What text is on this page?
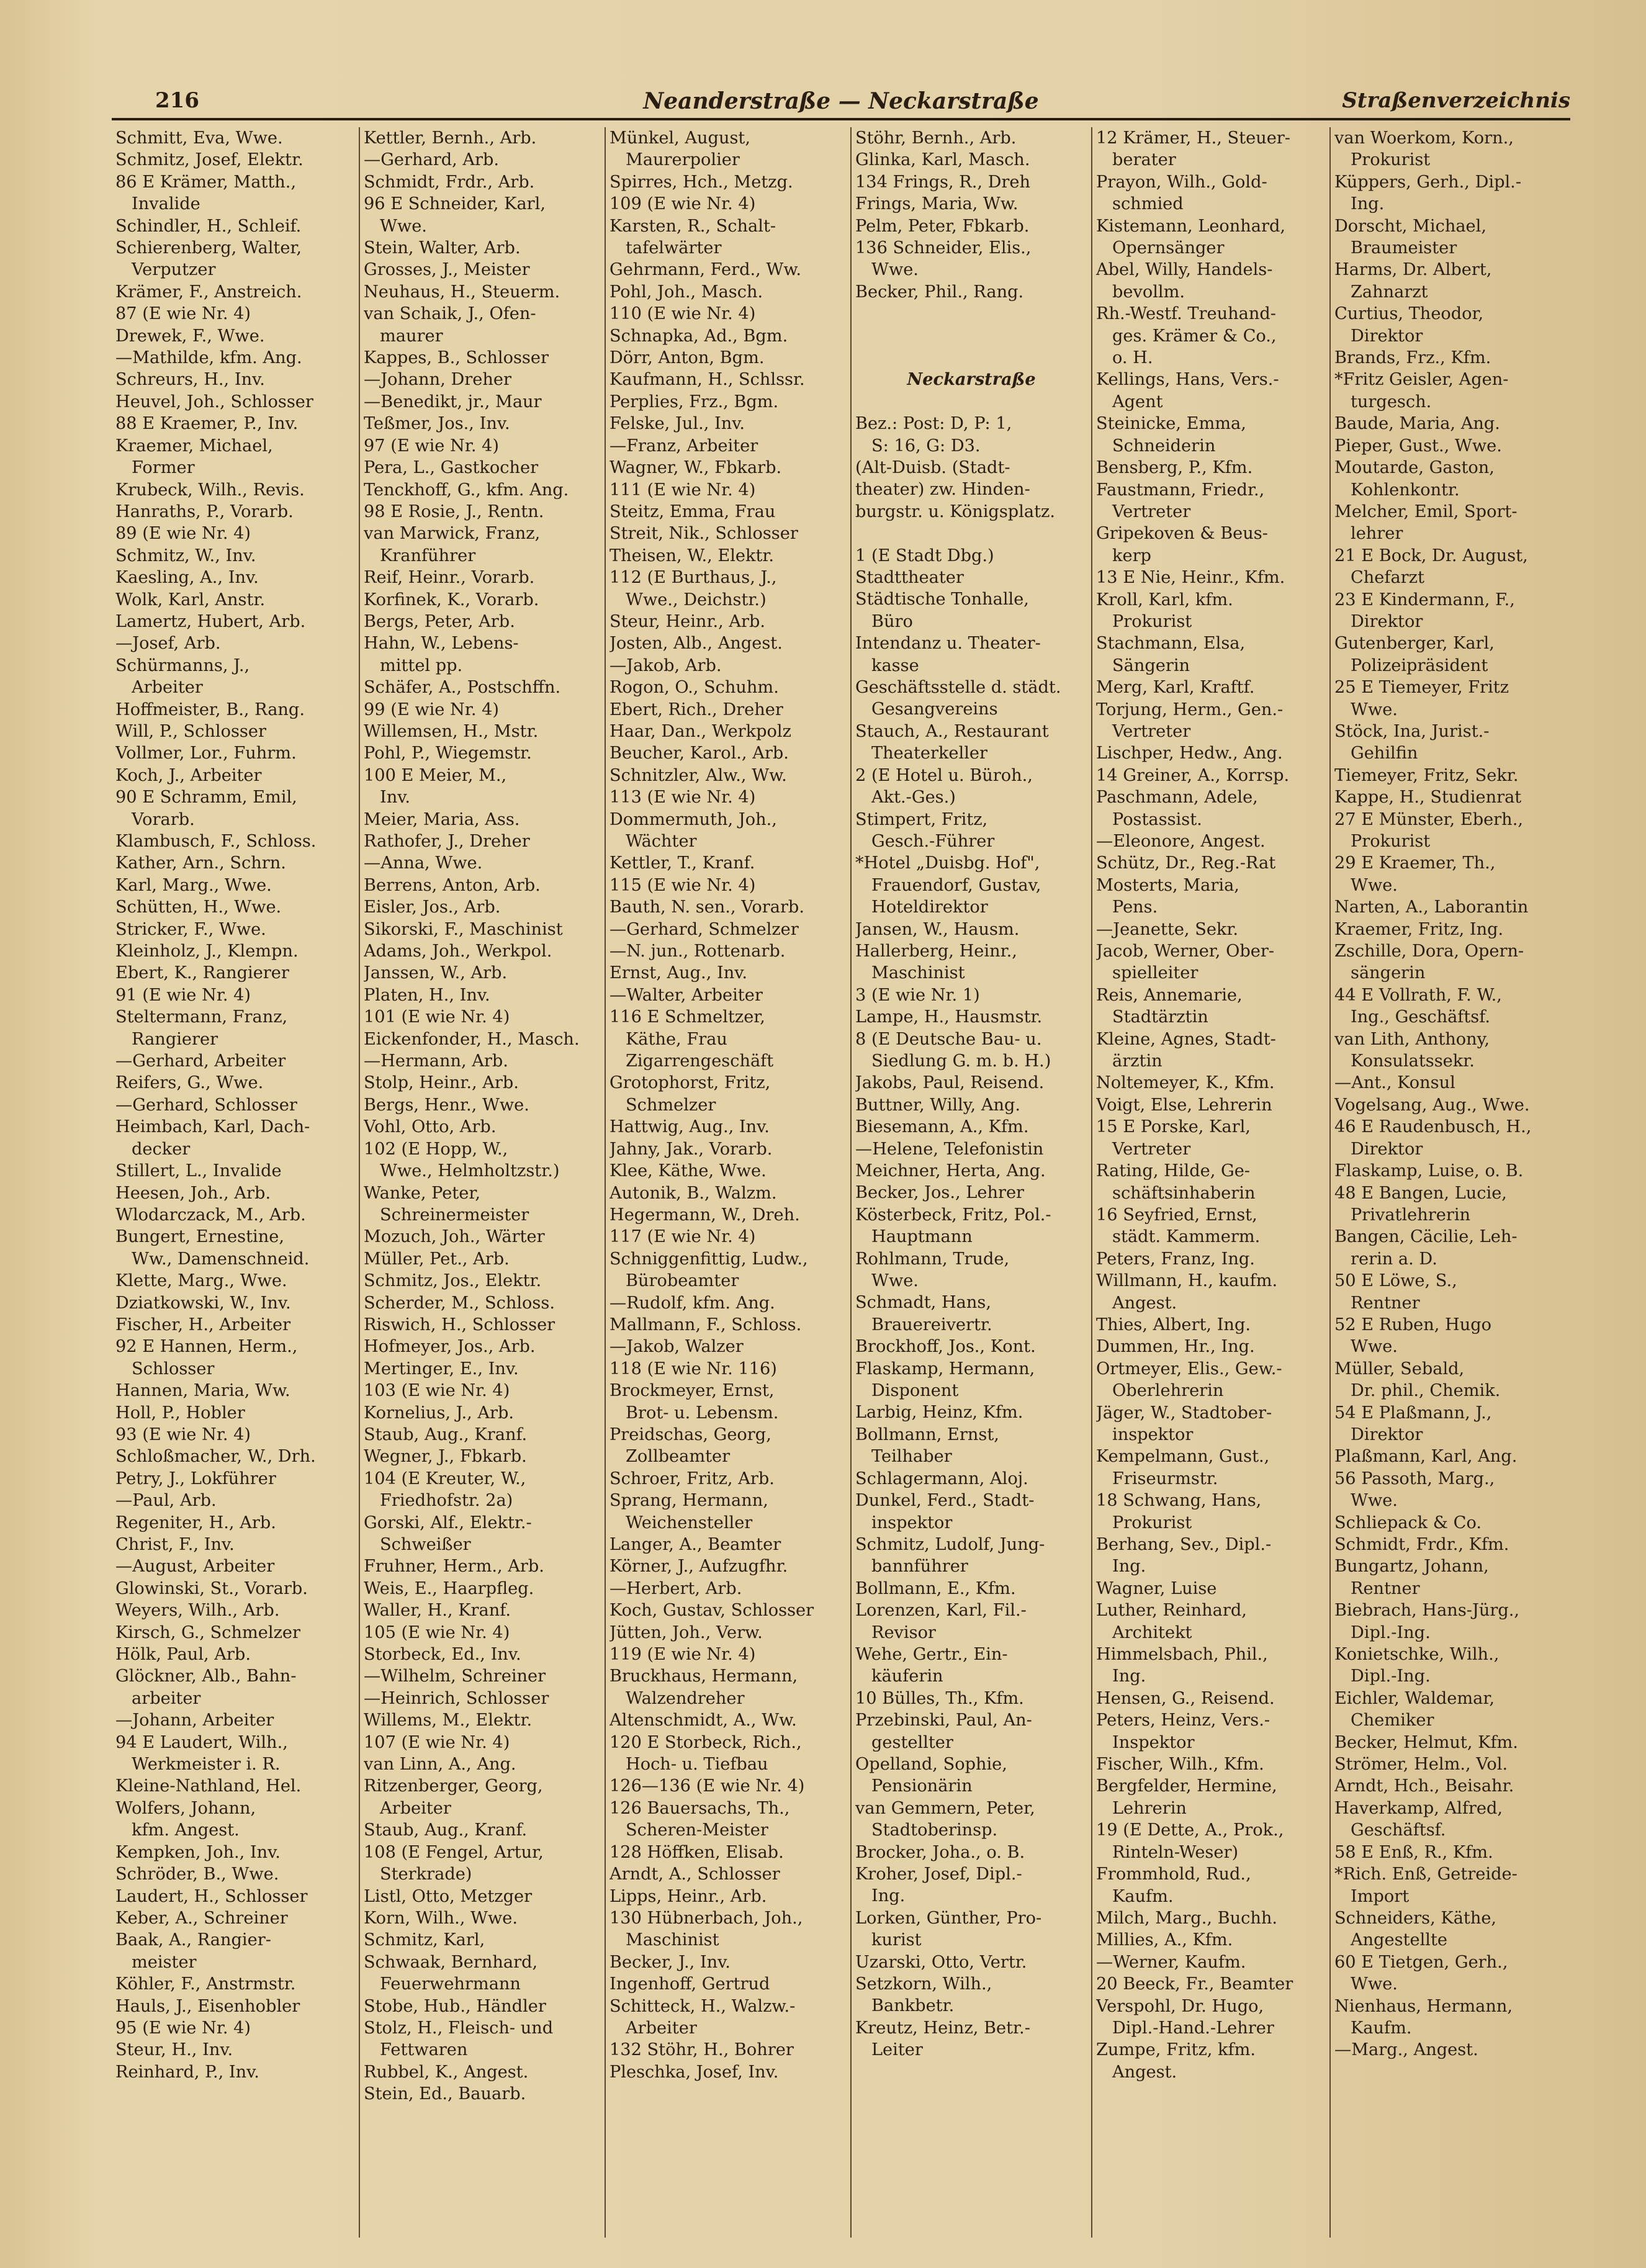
216	Neanderstraße — Neckarstraße	Straßenverzeichnis
Schmitt, Eva, Wwe.
Schmitz, Josef, Elektr.
86 E Krämer, Matth.,
Invalide
Schindler, H., Schleif.
Schierenberg, Walter,
Verputzer
Krämer, F., Anstreich.
87 (E wie Nr. 4)
Drewek, F., Wwe.
—Mathilde, kfm. Ang.
Schreurs, H., Inv.
Heuvel, Joh., Schlosser
88 E Kraemer, P., Inv.
Kraemer, Michael,
Former
Krubeck, Wilh., Revis.
Hanraths, P., Vorarb.
89 (E wie Nr. 4)
Schmitz, W., Inv.
Kaesling, A., Inv.
Wolk, Karl, Anstr.
Lamertz, Hubert, Arb.
—Josef, Arb.
Schürmanns, J.,
Arbeiter
Hoffmeister, B., Rang.
Will, P., Schlosser
Vollmer, Lor., Fuhrm.
Koch, J., Arbeiter
90 E Schramm, Emil,
Vorarb.
Klambusch, F., Schloss.
Kather, Arn., Schrn.
Karl, Marg., Wwe.
Schütten, H., Wwe.
Stricker, F., Wwe.
Kleinholz, J., Klempn.
Ebert, K., Rangierer
91 (E wie Nr. 4)
Steltermann, Franz,
Rangierer
—Gerhard, Arbeiter
Reifers, G., Wwe.
—Gerhard, Schlosser
Heimbach, Karl, Dach-
decker
Stillert, L., Invalide
Heesen, Joh., Arb.
Wlodarczack, M., Arb.
Bungert, Ernestine,
Ww., Damenschneid.
Klette, Marg., Wwe.
Dziatkowski, W., Inv.
Fischer, H., Arbeiter
92 E Hannen, Herm.,
Schlosser
Hannen, Maria, Ww.
Holl, P., Hobler
93 (E wie Nr. 4)
Schloßmacher, W., Drh.
Petry, J., Lokführer
—Paul, Arb.
Regeniter, H., Arb.
Christ, F., Inv.
—August, Arbeiter
Glowinski, St., Vorarb.
Weyers, Wilh., Arb.
Kirsch, G., Schmelzer
Hölk, Paul, Arb.
Glöckner, Alb., Bahn-
arbeiter
—Johann, Arbeiter
94 E Laudert, Wilh.,
Werkmeister i. R.
Kleine-Nathland, Hel.
Wolfers, Johann,
kfm. Angest.
Kempken, Joh., Inv.
Schröder, B., Wwe.
Laudert, H., Schlosser
Keber, A., Schreiner
Baak, A., Rangier-
meister
Köhler, F., Anstrmstr.
Hauls, J., Eisenhobler
95 (E wie Nr. 4)
Steur, H., Inv.
Reinhard, P., Inv.
Kettler, Bernh., Arb.
—Gerhard, Arb.
Schmidt, Frdr., Arb.
96 E Schneider, Karl,
Wwe.
Stein, Walter, Arb.
Grosses, J., Meister
Neuhaus, H., Steuerm.
van Schaik, J., Ofen-
maurer
Kappes, B., Schlosser
—Johann, Dreher
—Benedikt, jr., Maur
Teßmer, Jos., Inv.
97 (E wie Nr. 4)
Pera, L., Gastkocher
Tenckhoff, G., kfm. Ang.
98 E Rosie, J., Rentn.
van Marwick, Franz,
Kranführer
Reif, Heinr., Vorarb.
Korfinek, K., Vorarb.
Bergs, Peter, Arb.
Hahn, W., Lebens-
mittel pp.
Schäfer, A., Postschffn.
99 (E wie Nr. 4)
Willemsen, H., Mstr.
Pohl, P., Wiegemstr.
100 E Meier, M.,
Inv.
Meier, Maria, Ass.
Rathofer, J., Dreher
—Anna, Wwe.
Berrens, Anton, Arb.
Eisler, Jos., Arb.
Sikorski, F., Maschinist
Adams, Joh., Werkpol.
Janssen, W., Arb.
Platen, H., Inv.
101 (E wie Nr. 4)
Eickenfonder, H., Masch.
—Hermann, Arb.
Stolp, Heinr., Arb.
Bergs, Henr., Wwe.
Vohl, Otto, Arb.
102 (E Hopp, W.,
Wwe., Helmholtzstr.)
Wanke, Peter,
Schreinermeister
Mozuch, Joh., Wärter
Müller, Pet., Arb.
Schmitz, Jos., Elektr.
Scherder, M., Schloss.
Riswich, H., Schlosser
Hofmeyer, Jos., Arb.
Mertinger, E., Inv.
103 (E wie Nr. 4)
Kornelius, J., Arb.
Staub, Aug., Kranf.
Wegner, J., Fbkarb.
104 (E Kreuter, W.,
Friedhofstr. 2a)
Gorski, Alf., Elektr.-
Schweißer
Fruhner, Herm., Arb.
Weis, E., Haarpfleg.
Waller, H., Kranf.
105 (E wie Nr. 4)
Storbeck, Ed., Inv.
—Wilhelm, Schreiner
—Heinrich, Schlosser
Willems, M., Elektr.
107 (E wie Nr. 4)
van Linn, A., Ang.
Ritzenberger, Georg,
Arbeiter
Staub, Aug., Kranf.
108 (E Fengel, Artur,
Sterkrade)
Listl, Otto, Metzger
Korn, Wilh., Wwe.
Schmitz, Karl,
Schwaak, Bernhard,
Feuerwehrmann
Stobe, Hub., Händler
Stolz, H., Fleisch- und
Fettwaren
Rubbel, K., Angest.
Stein, Ed., Bauarb.
Münkel, August,
Maurerpolier
Spirres, Hch., Metzg.
109 (E wie Nr. 4)
Karsten, R., Schalt-
tafelwärter
Gehrmann, Ferd., Ww.
Pohl, Joh., Masch.
110 (E wie Nr. 4)
Schnapka, Ad., Bgm.
Dörr, Anton, Bgm.
Kaufmann, H., Schlssr.
Perplies, Frz., Bgm.
Felske, Jul., Inv.
—Franz, Arbeiter
Wagner, W., Fbkarb.
111 (E wie Nr. 4)
Steitz, Emma, Frau
Streit, Nik., Schlosser
Theisen, W., Elektr.
112 (E Burthaus, J.,
Wwe., Deichstr.)
Steur, Heinr., Arb.
Josten, Alb., Angest.
—Jakob, Arb.
Rogon, O., Schuhm.
Ebert, Rich., Dreher
Haar, Dan., Werkpolz
Beucher, Karol., Arb.
Schnitzler, Alw., Ww.
113 (E wie Nr. 4)
Dommermuth, Joh.,
Wächter
Kettler, T., Kranf.
115 (E wie Nr. 4)
Bauth, N. sen., Vorarb.
—Gerhard, Schmelzer
—N. jun., Rottenarb.
Ernst, Aug., Inv.
—Walter, Arbeiter
116 E Schmeltzer,
Käthe, Frau
Zigarrengeschäft
Grotophorst, Fritz,
Schmelzer
Hattwig, Aug., Inv.
Jahny, Jak., Vorarb.
Klee, Käthe, Wwe.
Autonik, B., Walzm.
Hegermann, W., Dreh.
117 (E wie Nr. 4)
Schniggenfittig, Ludw.,
Bürobeamter
—Rudolf, kfm. Ang.
Mallmann, F., Schloss.
—Jakob, Walzer
118 (E wie Nr. 116)
Brockmeyer, Ernst,
Brot- u. Lebensm.
Preidschas, Georg,
Zollbeamter
Schroer, Fritz, Arb.
Sprang, Hermann,
Weichensteller
Langer, A., Beamter
Körner, J., Aufzugfhr.
—Herbert, Arb.
Koch, Gustav, Schlosser
Jütten, Joh., Verw.
119 (E wie Nr. 4)
Bruckhaus, Hermann,
Walzendreher
Altenschmidt, A., Ww.
120 E Storbeck, Rich.,
Hoch- u. Tiefbau
126—136 (E wie Nr. 4)
126 Bauersachs, Th.,
Scheren-Meister
128 Höffken, Elisab.
Arndt, A., Schlosser
Lipps, Heinr., Arb.
130 Hübnerbach, Joh.,
Maschinist
Becker, J., Inv.
Ingenhoff, Gertrud
Schitteck, H., Walzw.-
Arbeiter
132 Stöhr, H., Bohrer
Pleschka, Josef, Inv.
Stöhr, Bernh., Arb.
Glinka, Karl, Masch.
134 Frings, R., Dreh
Frings, Maria, Ww.
Pelm, Peter, Fbkarb.
136 Schneider, Elis.,
Wwe.
Becker, Phil., Rang.
Neckarstraße
Bez.: Post: D, P: 1,
S: 16, G: D3.
(Alt-Duisb. (Stadt-
theater) zw. Hinden-
burgstr. u. Königsplatz.
1 (E Stadt Dbg.)
Stadttheater
Städtische Tonhalle,
Büro
Intendanz u. Theater-
kasse
Geschäftsstelle d. städt.
Gesangvereins
Stauch, A., Restaurant
Theaterkeller
2 (E Hotel u. Büroh.,
Akt.-Ges.)
Stimpert, Fritz,
Gesch.-Führer
*Hotel „Duisbg. Hof",
Frauendorf, Gustav,
Hoteldirektor
Jansen, W., Hausm.
Hallerberg, Heinr.,
Maschinist
3 (E wie Nr. 1)
Lampe, H., Hausmstr.
8 (E Deutsche Bau- u.
Siedlung G. m. b. H.)
Jakobs, Paul, Reisend.
Buttner, Willy, Ang.
Biesemann, A., Kfm.
—Helene, Telefonistin
Meichner, Herta, Ang.
Becker, Jos., Lehrer
Kösterbeck, Fritz, Pol.-
Hauptmann
Rohlmann, Trude,
Wwe.
Schmadt, Hans,
Brauereivertr.
Brockhoff, Jos., Kont.
Flaskamp, Hermann,
Disponent
Larbig, Heinz, Kfm.
Bollmann, Ernst,
Teilhaber
Schlagermann, Aloj.
Dunkel, Ferd., Stadt-
inspektor
Schmitz, Ludolf, Jung-
bannführer
Bollmann, E., Kfm.
Lorenzen, Karl, Fil.-
Revisor
Wehe, Gertr., Ein-
käuferin
10 Bülles, Th., Kfm.
Przebinski, Paul, An-
gestellter
Opelland, Sophie,
Pensionärin
van Gemmern, Peter,
Stadtoberinsp.
Brocker, Joha., o. B.
Kroher, Josef, Dipl.-
Ing.
Lorken, Günther, Pro-
kurist
Uzarski, Otto, Vertr.
Setzkorn, Wilh.,
Bankbetr.
Kreutz, Heinz, Betr.-
Leiter
12 Krämer, H., Steuer-
berater
Prayon, Wilh., Gold-
schmied
Kistemann, Leonhard,
Opernsänger
Abel, Willy, Handels-
bevollm.
Rh.-Westf. Treuhand-
ges. Krämer & Co.,
o. H.
Kellings, Hans, Vers.-
Agent
Steinicke, Emma,
Schneiderin
Bensberg, P., Kfm.
Faustmann, Friedr.,
Vertreter
Gripekoven & Beus-
kerp
13 E Nie, Heinr., Kfm.
Kroll, Karl, kfm.
Prokurist
Stachmann, Elsa,
Sängerin
Merg, Karl, Kraftf.
Torjung, Herm., Gen.-
Vertreter
Lischper, Hedw., Ang.
14 Greiner, A., Korrsp.
Paschmann, Adele,
Postassist.
—Eleonore, Angest.
Schütz, Dr., Reg.-Rat
Mosterts, Maria,
Pens.
—Jeanette, Sekr.
Jacob, Werner, Ober-
spielleiter
Reis, Annemarie,
Stadtärztin
Kleine, Agnes, Stadt-
ärztin
Noltemeyer, K., Kfm.
Voigt, Else, Lehrerin
15 E Porske, Karl,
Vertreter
Rating, Hilde, Ge-
schäftsinhaberin
16 Seyfried, Ernst,
städt. Kammerm.
Peters, Franz, Ing.
Willmann, H., kaufm.
Angest.
Thies, Albert, Ing.
Dummen, Hr., Ing.
Ortmeyer, Elis., Gew.-
Oberlehrerin
Jäger, W., Stadtober-
inspektor
Kempelmann, Gust.,
Friseurmstr.
18 Schwang, Hans,
Prokurist
Berhang, Sev., Dipl.-
Ing.
Wagner, Luise
Luther, Reinhard,
Architekt
Himmelsbach, Phil.,
Ing.
Hensen, G., Reisend.
Peters, Heinz, Vers.-
Inspektor
Fischer, Wilh., Kfm.
Bergfelder, Hermine,
Lehrerin
19 (E Dette, A., Prok.,
Rinteln-Weser)
Frommhold, Rud.,
Kaufm.
Milch, Marg., Buchh.
Millies, A., Kfm.
—Werner, Kaufm.
20 Beeck, Fr., Beamter
Verspohl, Dr. Hugo,
Dipl.-Hand.-Lehrer
Zumpe, Fritz, kfm.
Angest.
van Woerkom, Korn.,
Prokurist
Küppers, Gerh., Dipl.-
Ing.
Dorscht, Michael,
Braumeister
Harms, Dr. Albert,
Zahnarzt
Curtius, Theodor,
Direktor
Brands, Frz., Kfm.
*Fritz Geisler, Agen-
turgesch.
Baude, Maria, Ang.
Pieper, Gust., Wwe.
Moutarde, Gaston,
Kohlenkontr.
Melcher, Emil, Sport-
lehrer
21 E Bock, Dr. August,
Chefarzt
23 E Kindermann, F.,
Direktor
Gutenberger, Karl,
Polizeipräsident
25 E Tiemeyer, Fritz
Wwe.
Stöck, Ina, Jurist.-
Gehilfin
Tiemeyer, Fritz, Sekr.
Kappe, H., Studienrat
27 E Münster, Eberh.,
Prokurist
29 E Kraemer, Th.,
Wwe.
Narten, A., Laborantin
Kraemer, Fritz, Ing.
Zschille, Dora, Opern-
sängerin
44 E Vollrath, F. W.,
Ing., Geschäftsf.
van Lith, Anthony,
Konsulatssekr.
—Ant., Konsul
Vogelsang, Aug., Wwe.
46 E Raudenbusch, H.,
Direktor
Flaskamp, Luise, o. B.
48 E Bangen, Lucie,
Privatlehrerin
Bangen, Cäcilie, Leh-
rerin a. D.
50 E Löwe, S.,
Rentner
52 E Ruben, Hugo
Wwe.
Müller, Sebald,
Dr. phil., Chemik.
54 E Plaßmann, J.,
Direktor
Plaßmann, Karl, Ang.
56 Passoth, Marg.,
Wwe.
Schliepack & Co.
Schmidt, Frdr., Kfm.
Bungartz, Johann,
Rentner
Biebrach, Hans-Jürg.,
Dipl.-Ing.
Konietschke, Wilh.,
Dipl.-Ing.
Eichler, Waldemar,
Chemiker
Becker, Helmut, Kfm.
Strömer, Helm., Vol.
Arndt, Hch., Beisahr.
Haverkamp, Alfred,
Geschäftsf.
58 E Enß, R., Kfm.
*Rich. Enß, Getreide-
Import
Schneiders, Käthe,
Angestellte
60 E Tietgen, Gerh.,
Wwe.
Nienhaus, Hermann,
Kaufm.
—Marg., Angest.
